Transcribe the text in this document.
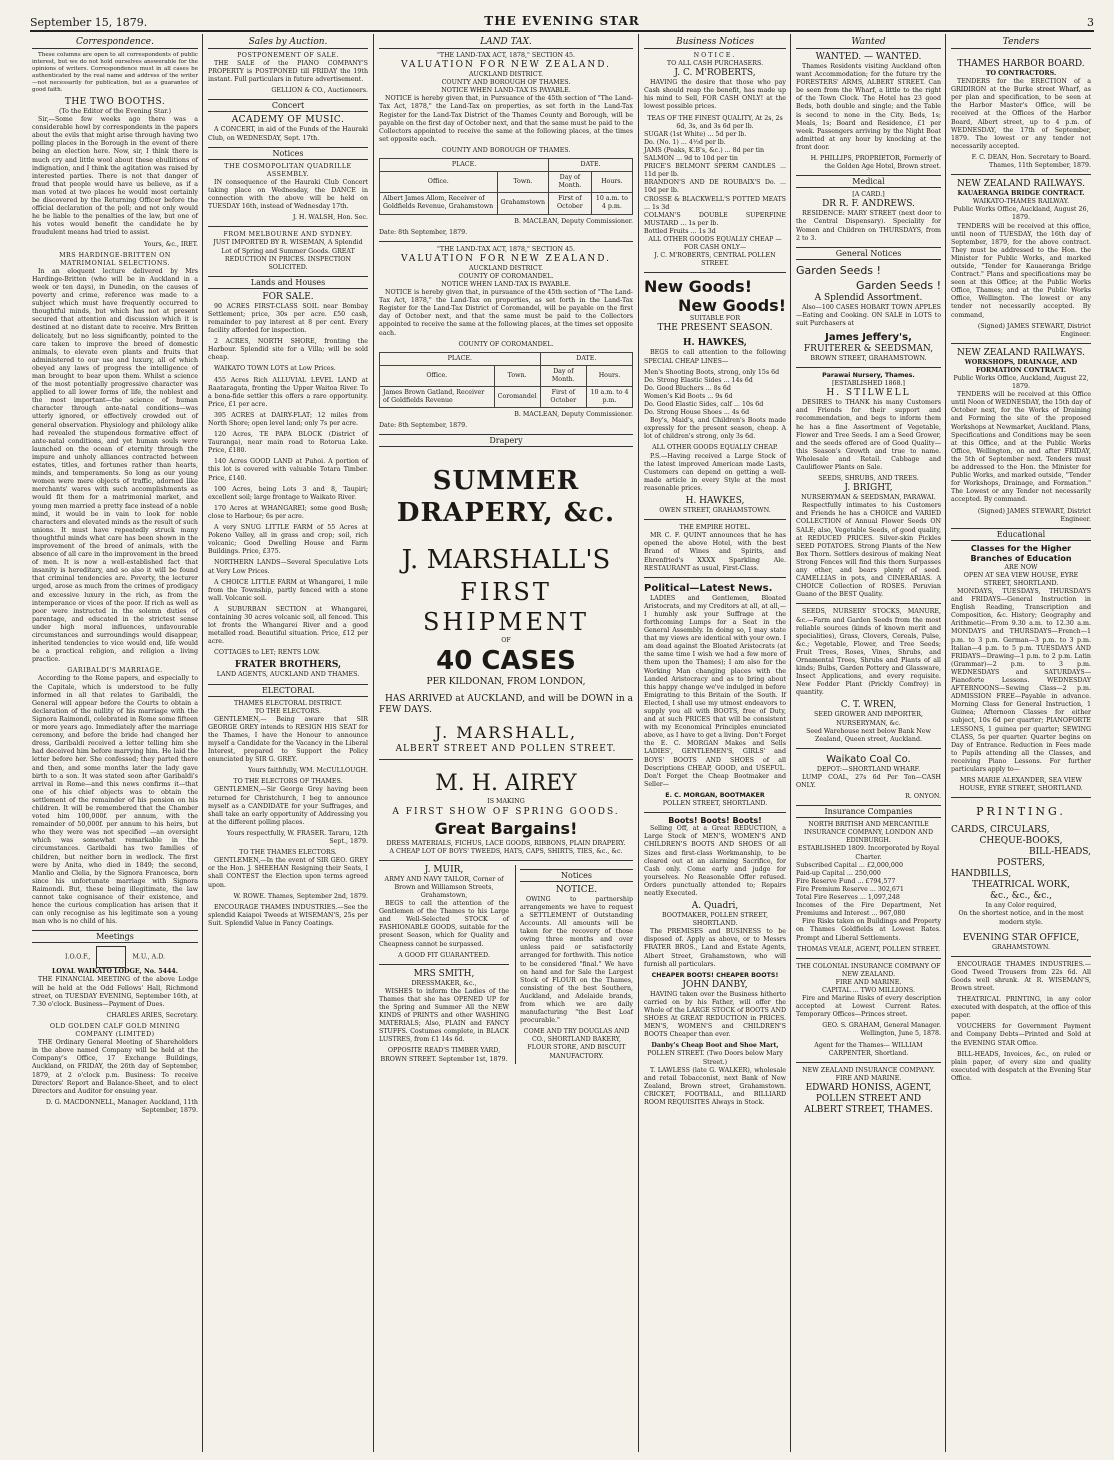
September 15, 1879.	THE EVENING STAR	3
Correspondence.

These columns are open to all correspondents of public interest, but we do not hold ourselves answerable for the opinions of writers. Correspondence must in all cases be authenticated by the real name and address of the writer—not necessarily for publication, but as a guarantee of good faith.

THE TWO BOOTHS.
(To the Editor of the Evening Star.)

Sir,—Some few weeks ago there was a considerable howl by correspondents in the papers about the evils that might arise through having two polling places in the Borough in the event of there being an election here. Now, sir, I think there is much cry and little wool about these ebullitions of indignation, and I think the agitation was raised by interested parties. There is not that danger of fraud that people would have us believe, as if a man voted at two places he would most certainly be discovered by the Returning Officer before the official declaration of the poll; and not only would he be liable to the penalties of the law, but one of his votes would benefit the candidate he by fraudulent means had tried to assist.

Yours, &c., IRET.

MRS HARDINGE-BRITTEN ON MATRIMONIAL SELECTIONS.

In an eloquent lecture delivered by Mrs Hardinge-Britten (who will be in Auckland in a week or ten days), in Dunedin, on the causes of poverty and crime, reference was made to a subject which must have frequently occurred to thoughtful minds, but which has not at present secured that attention and discussion which it is destined at no distant date to receive. Mrs Britten delicately, but no less significantly, pointed to the care taken to improve the breed of domestic animals, to elevate even plants and fruits that administered to our use and luxury, all of which obeyed any laws of progress the intelligence of man brought to bear upon them. Whilst a science of the most potentially progressive character was applied to all lower forms of life, the noblest and the most important—the science of human character through ante-natal conditions—was utterly ignored, or effectively crowded out of general observation. Physiology and philology alike had revealed the stupendous formative effect of ante-natal conditions, and yet human souls were launched on the ocean of eternity through the impure and unholy alliances contracted between estates, titles, and fortunes rather than hearts, minds, and temperaments. So long as our young women were mere objects of traffic, adorned like merchants' wares with such accomplishments as would fit them for a matrimonial market, and young men married a pretty face instead of a noble mind, it would be in vain to look for noble characters and elevated minds as the result of such unions. It must have repeatedly struck many thoughtful minds what care has been shown in the improvement of the breed of animals, with the absence of all care in the improvement in the breed of men. It is now a well-established fact that insanity is hereditary, and so also it will be found that criminal tendencies are. Poverty, the lecturer urged, arose as much from the crimes of prodigacy and excessive luxury in the rich, as from the intemperance or vices of the poor. If rich as well as poor were instructed in the solemn duties of parentage, and educated in the strictest sense under high moral influences, unfavourable circumstances and surroundings would disappear, inherited tendencies to vice would end, life would be a practical religion, and religion a living practice.

GARIBALDI'S MARRIAGE.

According to the Rome papers, and especially to the Capitale, which is understood to be fully informed in all that relates to Garibaldi, the General will appear before the Courts to obtain a declaration of the nullity of his marriage with the Signora Raimondi, celebrated in Rome some fifteen or more years ago. Immediately after the marriage ceremony, and before the bride had changed her dress, Garibaldi received a letter telling him she had deceived him before marrying him. He laid the letter before her. She confessed; they parted there and then, and some months later the lady gave birth to a son. It was stated soon after Garibaldi's arrival in Rome—and this news confirms it—that one of his chief objects was to obtain the settlement of the remainder of his pension on his children. It will be remembered that the Chamber voted him 100,000f. per annum, with the remainder of 50,000f. per annum to his heirs, but who they were was not specified —an oversight which was somewhat remarkable in the circumstances. Garibaldi has two families of children, but neither born in wedlock. The first were by Anita, who died in 1849; the second, Manlio and Clelia, by the Signora Francesca, born since his unfortunate marriage with Signora Raimondi. But, these being illegitimate, the law cannot take cognisance of their existence, and hence the curious complication has arisen that it can only recognise as his legitimate son a young man who is no child of his.

Meetings
I.O.O.F.,	M.U., A.D.
LOYAL WAIKATO LODGE, No. 5444.

THE FINANCIAL MEETING of the above Lodge will be held at the Odd Fellows' Hall, Richmond street, on TUESDAY EVENING, September 16th, at 7.30 o'clock. Business—Payment of Dues.

CHARLES ARIES, Secretary.

OLD GOLDEN CALF GOLD MINING COMPANY (LIMITED)

THE Ordinary General Meeting of Shareholders in the above named Company will be held at the Company's Office, 17 Exchange Buildings, Auckland, on FRIDAY, the 26th day of September, 1879, at 2 o'clock p.m. Business: To receive Directors' Report and Balance-Sheet, and to elect Directors and Auditor for ensuing year.

D. G. MACDONNELL, Manager. Auckland, 11th September, 1879.

Sales by Auction.
POSTPONEMENT OF SALE.

THE SALE of the PIANO COMPANY'S PROPERTY is POSTPONED till FRIDAY the 19th instant. Full particulars in future advertisement.

GELLION & CO., Auctioneers.

Concert
ACADEMY OF MUSIC.

A CONCERT, in aid of the Funds of the Hauraki Club, on WEDNESDAY, Sept. 17th.

Notices
THE COSMOPOLITAN QUADRILLE ASSEMBLY.

IN consequence of the Hauraki Club Concert taking place on Wednesday, the DANCE in connection with the above will be held on TUESDAY 16th, instead of Wednesday 17th.

J. H. WALSH, Hon. Sec.

FROM MELBOURNE AND SYDNEY.

JUST IMPORTED BY R. WISEMAN, A Splendid Lot of Spring and Summer Goods. GREAT REDUCTION IN PRICES. INSPECTION SOLICITED.

Lands and Houses
FOR SALE.

90 ACRES FIRST-CLASS SOIL near Bombay Settlement; price, 30s per acre. £50 cash, remainder to pay interest at 8 per cent. Every facility afforded for inspection.

2 ACRES, NORTH SHORE, fronting the Harbour. Splendid site for a Villa; will be sold cheap.

WAIKATO TOWN LOTS at Low Prices.

455 Acres Rich ALLUVIAL LEVEL LAND at Raataragata, fronting the Upper Waitoa River. To a bona-fide settler this offers a rare opportunity. Price, £1 per acre.

395 ACRES at DAIRY-FLAT; 12 miles from North Shore; open level land; only 7s per acre.

120 Acres, TE PAPA BLOCK (District of Tauranga), near main road to Rotorua Lake. Price, £180.

140 Acres GOOD LAND at Puhoi. A portion of this lot is covered with valuable Totara Timber. Price, £140.

100 Acres, being Lots 3 and 8, Taupiri; excellent soil; large frontage to Waikato River.

170 Acres at WHANGAREI; some good Bush; close to Harbour; 6s per acre.

A very SNUG LITTLE FARM of 55 Acres at Pokeno Valley, all in grass and crop; soil, rich volcanic; Good Dwelling House and Farm Buildings. Price, £375.

NORTHERN LANDS—Several Speculative Lots at Very Low Prices.

A CHOICE LITTLE FARM at Whangarei, 1 mile from the Township, partly fenced with a stone wall. Volcanic soil.

A SUBURBAN SECTION at Whangarei, containing 30 acres volcanic soil, all fenced. This lot fronts the Whangarei River and a good metalled road. Beautiful situation. Price, £12 per acre.

COTTAGES to LET; RENTS LOW.

FRATER BROTHERS,
LAND AGENTS, AUCKLAND AND THAMES.
ELECTORAL
THAMES ELECTORAL DISTRICT.
TO THE ELECTORS.

GENTLEMEN,— Being aware that SIR GEORGE GREY intends to RESIGN HIS SEAT for the Thames, I have the Honour to announce myself a Candidate for the Vacancy in the Liberal Interest, prepared to Support the Policy enunciated by SIR G. GREY.

Yours faithfully, WM. McCULLOUGH.

TO THE ELECTORS OF THAMES.

GENTLEMEN,—Sir George Grey having been returned for Christchurch, I beg to announce myself as a CANDIDATE for your Suffrages, and shall take an early opportunity of Addressing you at the different polling places.

Yours respectfully, W. FRASER. Tararu, 12th Sept., 1879.

TO THE THAMES ELECTORS.

GENTLEMEN,—In the event of SIR GEO. GREY or the Hon. J. SHEEHAN Resigning their Seats, I shall CONTEST the Election upon terms agreed upon.

W. ROWE. Thames, September 2nd, 1879.

ENCOURAGE THAMES INDUSTRIES.—See the splendid Kaiapoi Tweeds at WISEMAN'S, 25s per Suit. Splendid Value in Fancy Coatings.

LAND TAX.
"THE LAND-TAX ACT, 1878," SECTION 45.
VALUATION FOR NEW ZEALAND.
AUCKLAND DISTRICT.
COUNTY AND BOROUGH OF THAMES.
NOTICE WHEN LAND-TAX IS PAYABLE.

NOTICE is hereby given that, in Pursuance of the 45th section of "The Land-Tax Act, 1878," the Land-Tax on properties, as set forth in the Land-Tax Register for the Land-Tax District of the Thames County and Borough, will be payable on the first day of October next, and that the same must be paid to the Collectors appointed to receive the same at the following places, at the times set opposite each.

COUNTY AND BOROUGH OF THAMES.
PLACE.		DATE.	
Office.	Town.	Day of Month.	Hours.
Albert James Allom, Receiver of Goldfields Revenue, Grahamstown	Grahamstown	First of October	10 a.m. to 4 p.m.

B. MACLEAN, Deputy Commissioner.

Date: 8th September, 1879.

"THE LAND-TAX ACT, 1878," SECTION 45.
VALUATION FOR NEW ZEALAND.
AUCKLAND DISTRICT.
COUNTY OF COROMANDEL.
NOTICE WHEN LAND-TAX IS PAYABLE.

NOTICE is hereby given that, in pursuance of the 45th section of "The Land-Tax Act, 1878," the Land-Tax on properties, as set forth in the Land-Tax Register for the Land-Tax District of Coromandel, will be payable on the first day of October next, and that the same must be paid to the Collectors appointed to receive the same at the following places, at the times set opposite each.

COUNTY OF COROMANDEL.
PLACE.		DATE.	
Office.	Town.	Day of Month.	Hours.
James Brown Gatland, Receiver of Goldfields Revenue	Coromandel	First of October	10 a.m. to 4 p.m.

B. MACLEAN, Deputy Commissioner.

Date: 8th September, 1879.

Drapery
SUMMER DRAPERY, &c.
J. MARSHALL'S
FIRST SHIPMENT
OF
40 CASES
PER KILDONAN, FROM LONDON,

HAS ARRIVED at AUCKLAND, and will be DOWN in a FEW DAYS.

J. MARSHALL,
ALBERT STREET AND POLLEN STREET.
M. H. AIREY
IS MAKING
A FIRST SHOW OF SPRING GOODS.
Great Bargains!
DRESS MATERIALS, FICHUS, LACE GOODS, RIBBONS, PLAIN DRAPERY.
A CHEAP LOT OF BOYS' TWEEDS, HATS, CAPS, SHIRTS, TIES, &c., &c.
J. MUIR,
ARMY AND NAVY TAILOR, Corner of Brown and Williamson Streets, Grahamstown,

BEGS to call the attention of the Gentlemen of the Thames to his Large and Well-Selected STOCK of FASHIONABLE GOODS, suitable for the present Season, which for Quality and Cheapness cannot be surpassed.

A GOOD FIT GUARANTEED.
MRS SMITH,
DRESSMAKER, &c.,

WISHES to inform the Ladies of the Thames that she has OPENED UP for the Spring and Summer All the NEW KINDS of PRINTS and other WASHING MATERIALS; Also, PLAIN and FANCY STUFFS. Costumes complete, in BLACK LUSTRES, from £1 14s 6d.

OPPOSITE READ'S TIMBER YARD, BROWN STREET. September 1st, 1879.
Notices
NOTICE.

OWING to partnership arrangements we have to request a SETTLEMENT of Outstanding Accounts. All amounts will be taken for the recovery of those owing three months and over unless paid or satisfactorily arranged for forthwith. This notice to be considered "final." We have on hand and for Sale the Largest Stock of FLOUR on the Thames, consisting of the best Southern, Auckland, and Adelaide brands, from which we are daily manufacturing "the Best Loaf procurable."

COME AND TRY DOUGLAS AND CO., SHORTLAND BAKERY, FLOUR STORE, AND BISCUIT MANUFACTORY.
Business Notices
NOTICE.
TO ALL CASH PURCHASERS.
J. C. M'ROBERTS,

HAVING the desire that those who pay Cash should reap the benefit, has made up his mind to Sell, FOR CASH ONLY! at the lowest possible prices.

TEAS OF THE FINEST QUALITY, At 2s, 2s 6d, 3s, and 3s 6d per lb.
SUGAR (1st White) ... 5d per lb.
Do. (No. 1) ... 4½d per lb.
JAMS (Peaks, K.B's, &c.) ... 8d per tin
SALMON ... 9d to 10d per tin
PRICE'S BELMONT SPERM CANDLES ... 11d per lb.
BRANDON'S AND DE ROUBAIX'S Do. ... 10d per lb.
CROSSE & BLACKWELL'S POTTED MEATS ... 1s 3d
COLMAN'S DOUBLE SUPERFINE MUSTARD ... 1s per lb.
Bottled Fruits ... 1s 3d
ALL OTHER GOODS EQUALLY CHEAP —FOR CASH ONLY—
J. C. M'ROBERTS, CENTRAL POLLEN STREET.
New Goods!
New Goods!
SUITABLE FOR
THE PRESENT SEASON.
H. HAWKES,

BEGS to call attention to the following SPECIAL CHEAP LINES—

Men's Shooting Boots, strong, only 15s 6d
Do. Strong Elastic Sides ... 14s 6d
Do. Good Bluchers ... 8s 6d
Women's Kid Boots ... 9s 6d
Do. Good Elastic Sides, calf ... 10s 6d
Do. Strong House Shoes ... 4s 6d

Boy's, Maid's, and Children's Boots made expressly for the present season, cheap. A lot of children's strong, only 3s 6d.

ALL OTHER GOODS EQUALLY CHEAP.

P.S.—Having received a Large Stock of the latest improved American made Lasts, Customers can depend on getting a well-made article in every Style at the most reasonable prices.

H. HAWKES,
OWEN STREET, GRAHAMSTOWN.
THE EMPIRE HOTEL.

MR C. F. QUINT announces that he has opened the above Hotel, with the best Brand of Wines and Spirits, and Ehrenfried's XXXX Sparkling Ale. RESTAURANT as usual, First-Class.

Political—Latest News.

LADIES and Gentlemen, Bloated Aristocrats, and my Creditors at all, at all,—I humbly ask your Suffrage at the forthcoming Lumps for a Seat in the General Assembly. In doing so, I may state that my views are identical with your own. I am dead against the Bloated Aristocrats (at the same time I wish we had a few more of them upon the Thames); I am also for the Working Man changing places with the Landed Aristocracy and as to bring about this happy change we've indulged in before Emigrating to this Britain of the South. If Elected, I shall use my utmost endeavors to supply you all with BOOTS, free of Duty, and at such PRICES that will be consistent with my Economical Principles enunciated above, as I have to get a living. Don't Forget the E. C. MORGAN Makes and Sells LADIES', GENTLEMEN'S, GIRLS' and BOYS' BOOTS AND SHOES of all Descriptions CHEAP, GOOD, and USEFUL. Don't Forget the Cheap Bootmaker and Seller—

E. C. MORGAN, BOOTMAKER
POLLEN STREET, SHORTLAND.
Boots! Boots! Boots!

Selling Off, at a Great REDUCTION, a Large Stock of MEN'S, WOMEN'S AND CHILDREN'S BOOTS AND SHOES Of all Sizes and first-class Workmanship, to be cleared out at an alarming Sacrifice, for Cash only. Come early and judge for yourselves. No Reasonable Offer refused. Orders punctually attended to; Repairs neatly Executed.

A. Quadri,
BOOTMAKER, POLLEN STREET, SHORTLAND.

The PREMISES and BUSINESS to be disposed of. Apply as above, or to Messrs FRATER BROS., Land and Estate Agents, Albert Street, Grahamstown, who will furnish all particulars.

CHEAPER BOOTS! CHEAPER BOOTS!
JOHN DANBY,

HAVING taken over the Business hitherto carried on by his Father, will offer the Whole of the LARGE STOCK of BOOTS AND SHOES At GREAT REDUCTION in PRICES. MEN'S, WOMEN'S and CHILDREN'S BOOTS Cheaper than ever.

Danby's Cheap Boot and Shoe Mart,
POLLEN STREET. (Two Doors below Mary Street.)

T. LAWLESS (late G. WALKER), wholesale and retail Tobacconist, next Bank of New Zealand, Brown street, Grahamstown. CRICKET, FOOTBALL, and BILLIARD ROOM REQUISITES Always in Stock.

Wanted
WANTED. — WANTED.

Thames Residents visiting Auckland often want Accommodation; for the future try the FORESTERS' ARMS, ALBERT STREET. Can be seen from the Wharf, a little to the right of the Town Clock. The Hotel has 23 good Beds, both double and single; and the Table is second to none in the City. Beds, 1s; Meals, 1s; Board and Residence, £1 per week. Passengers arriving by the Night Boat admitted at any hour by knocking at the front door.

H. PHILLIPS, PROPRIETOR, Formerly of the Golden Age Hotel, Brown street.

Medical
[A CARD.]
DR R. F. ANDREWS.

RESIDENCE: MARY STREET (next door to the Central Dispensary). Speciality for Women and Children on THURSDAYS, from 2 to 3.

General Notices
Garden Seeds !
Garden Seeds !
A Splendid Assortment.

Also—100 CASES HOBART TOWN APPLES—Eating and Cooking. ON SALE in LOTS to suit Purchasers at

James Jeffery's,
FRUITERER & SEEDSMAN,
BROWN STREET, GRAHAMSTOWN.
Parawai Nursery, Thames.
[ESTABLISHED 1868.]
H. STILWELL

DESIRES to THANK his many Customers and Friends for their support and recommendation, and begs to inform them he has a fine Assortment of Vegetable, Flower and Tree Seeds. I am a Seed Grower, and the seeds offered are of Good Quality—this Season's Growth and true to name. Wholesale and Retail. Cabbage and Cauliflower Plants on Sale.

SEEDS, SHRUBS, AND TREES.
J. BRIGHT,
NURSERYMAN & SEEDSMAN, PARAWAI.

Respectfully intimates to his Customers and Friends he has a CHOICE and VARIED COLLECTION of Annual Flower Seeds ON SALE; also, Vegetable Seeds, of good quality, at REDUCED PRICES. Silver-skin Pickles SEED POTATOES. Strong Plants of the New Box Thorn. Settlers desirous of making Neat Strong Fences will find this thorn Surpasses any other, and bears plenty of seed. CAMELLIAS in pots, and CINERARIAS. A CHOICE Collection of ROSES. Peruvian Guano of the BEST Quality.

SEEDS, NURSERY STOCKS, MANURE, &c.—Farm and Garden Seeds from the most reliable sources (kinds of known merit and specialities), Grass, Clovers, Cereals, Pulse, &c.; Vegetable, Flower, and Tree Seeds; Fruit Trees, Roses, Vines, Shrubs, and Ornamental Trees, Shrubs and Plants of all kinds; Bulbs, Garden Pottery and Glassware, Insect Applications, and every requisite. New Fodder Plant (Prickly Comfrey) in quantity.

C. T. WREN,
SEED GROWER AND IMPORTER, NURSERYMAN, &c.
Seed Warehouse next below Bank New Zealand, Queen street, Auckland.
Waikato Coal Co.
DEPOT:—SHORTLAND WHARF.

LUMP COAL, 27s 6d Per Ton—CASH ONLY.

R. ONYON.

Insurance Companies
NORTH BRITISH AND MERCANTILE INSURANCE COMPANY, LONDON AND EDINBURGH.
ESTABLISHED 1809. Incorporated by Royal Charter.
Subscribed Capital ... £2,000,000
Paid-up Capital ... 250,000
Fire Reserve Fund ... £794,577
Fire Premium Reserve ... 302,671
Total Fire Reserves ... 1,097,248
Incomes of the Fire Department, Net Premiums and Interest ... 967,080

Fire Risks taken on Buildings and Property on Thames Goldfields at Lowest Rates. Prompt and Liberal Settlements.

THOMAS VEALE, AGENT, POLLEN STREET.
THE COLONIAL INSURANCE COMPANY OF NEW ZEALAND.
FIRE AND MARINE.
CAPITAL ... TWO MILLIONS.

Fire and Marine Risks of every description accepted at Lowest Current Rates. Temporary Offices—Princes street.

GEO. S. GRAHAM, General Manager. Wellington, June 5, 1878.

Agent for the Thames— WILLIAM CARPENTER, Shortland.
NEW ZEALAND INSURANCE COMPANY.
FIRE AND MARINE.
EDWARD HONISS, AGENT, POLLEN STREET AND ALBERT STREET, THAMES.
Tenders
THAMES HARBOR BOARD.
TO CONTRACTORS.

TENDERS for the ERECTION of a GRIDIRON at the Burke street Wharf, as per plan and specification, to be seen at the Harbor Master's Office, will be received at the Offices of the Harbor Board, Albert street, up to 4 p.m. of WEDNESDAY, the 17th of September, 1879. The lowest or any tender not necessarily accepted.

F. C. DEAN, Hon. Secretary to Board. Thames, 11th September, 1879.

NEW ZEALAND RAILWAYS.
KAUAERANGA BRIDGE CONTRACT.
WAIKATO-THAMES RAILWAY.
Public Works Office, Auckland, August 26, 1879.

TENDERS will be received at this office, until noon of TUESDAY, the 16th day of September, 1879, for the above contract. They must be addressed to the Hon. the Minister for Public Works, and marked outside, "Tender for Kauaeranga Bridge Contract." Plans and specifications may be seen at this Office; at the Public Works Office, Thames; and at the Public Works Office, Wellington. The lowest or any tender not necessarily accepted. By command,

(Signed) JAMES STEWART, District Engineer.

NEW ZEALAND RAILWAYS.
WORKSHOPS, DRAINAGE, AND FORMATION CONTRACT.
Public Works Office, Auckland, August 22, 1879.

TENDERS will be received at this Office until Noon of WEDNESDAY, the 15th day of October next, for the Works of Draining and Forming the site of the proposed Workshops at Newmarket, Auckland. Plans, Specifications and Conditions may be seen at this Office, and at the Public Works Office, Wellington, on and after FRIDAY, the 5th of September next. Tenders must be addressed to the Hon. the Minister for Public Works, and marked outside, "Tender for Workshops, Drainage, and Formation." The Lowest or any Tender not necessarily accepted. By command.

(Signed) JAMES STEWART, District Engineer.

Educational
Classes for the Higher Branches of Education
ARE NOW
OPEN AT SEA VIEW HOUSE, EYRE STREET, SHORTLAND.

MONDAYS, TUESDAYS, THURSDAYS and FRIDAYS—General Instruction in English Reading, Transcription and Composition, &c. History; Geography and Arithmetic—From 9.30 a.m. to 12.30 a.m. MONDAYS and THURSDAYS—French—1 p.m. to 3 p.m. German—3 p.m. to 3 p.m. Italian—4 p.m. to 5 p.m. TUESDAYS AND FRIDAYS—Drawing—1 p.m. to 2 p.m. Latin (Grammar)—2 p.m. to 3 p.m. WEDNESDAYS and SATURDAYS—Pianoforte Lessons. WEDNESDAY AFTERNOONS—Sewing Class—2 p.m. ADMISSION FREE—Payable in advance. Morning Class for General Instruction, 1 Guinea; Afternoon Classes for either subject, 10s 6d per quarter; PIANOFORTE LESSONS, 1 guinea per quarter; SEWING CLASS, 5s per quarter. Quarter begins on Day of Entrance. Reduction in Fees made to Pupils attending all the Classes, and receiving Piano Lessons. For further particulars apply to—

MRS MARIE ALEXANDER, SEA VIEW HOUSE, EYRE STREET, SHORTLAND.
PRINTING.
CARDS, CIRCULARS,
CHEQUE-BOOKS,
BILL-HEADS,
POSTERS,
HANDBILLS,
THEATRICAL WORK,
&c., &c., &c.,
In any Color required,
On the shortest notice, and in the most modern style.
EVENING STAR OFFICE,
GRAHAMSTOWN.

ENCOURAGE THAMES INDUSTRIES.—Good Tweed Trousers from 22s 6d. All Goods well shrunk. At R. WISEMAN'S, Brown street.

THEATRICAL PRINTING, in any color executed with despatch, at the office of this paper.

VOUCHERS for Government Payment and Company Debts—Printed and Sold at the EVENING STAR Office.

BILL-HEADS, Invoices, &c., on ruled or plain paper, of every size and quality executed with despatch at the Evening Star Office.
